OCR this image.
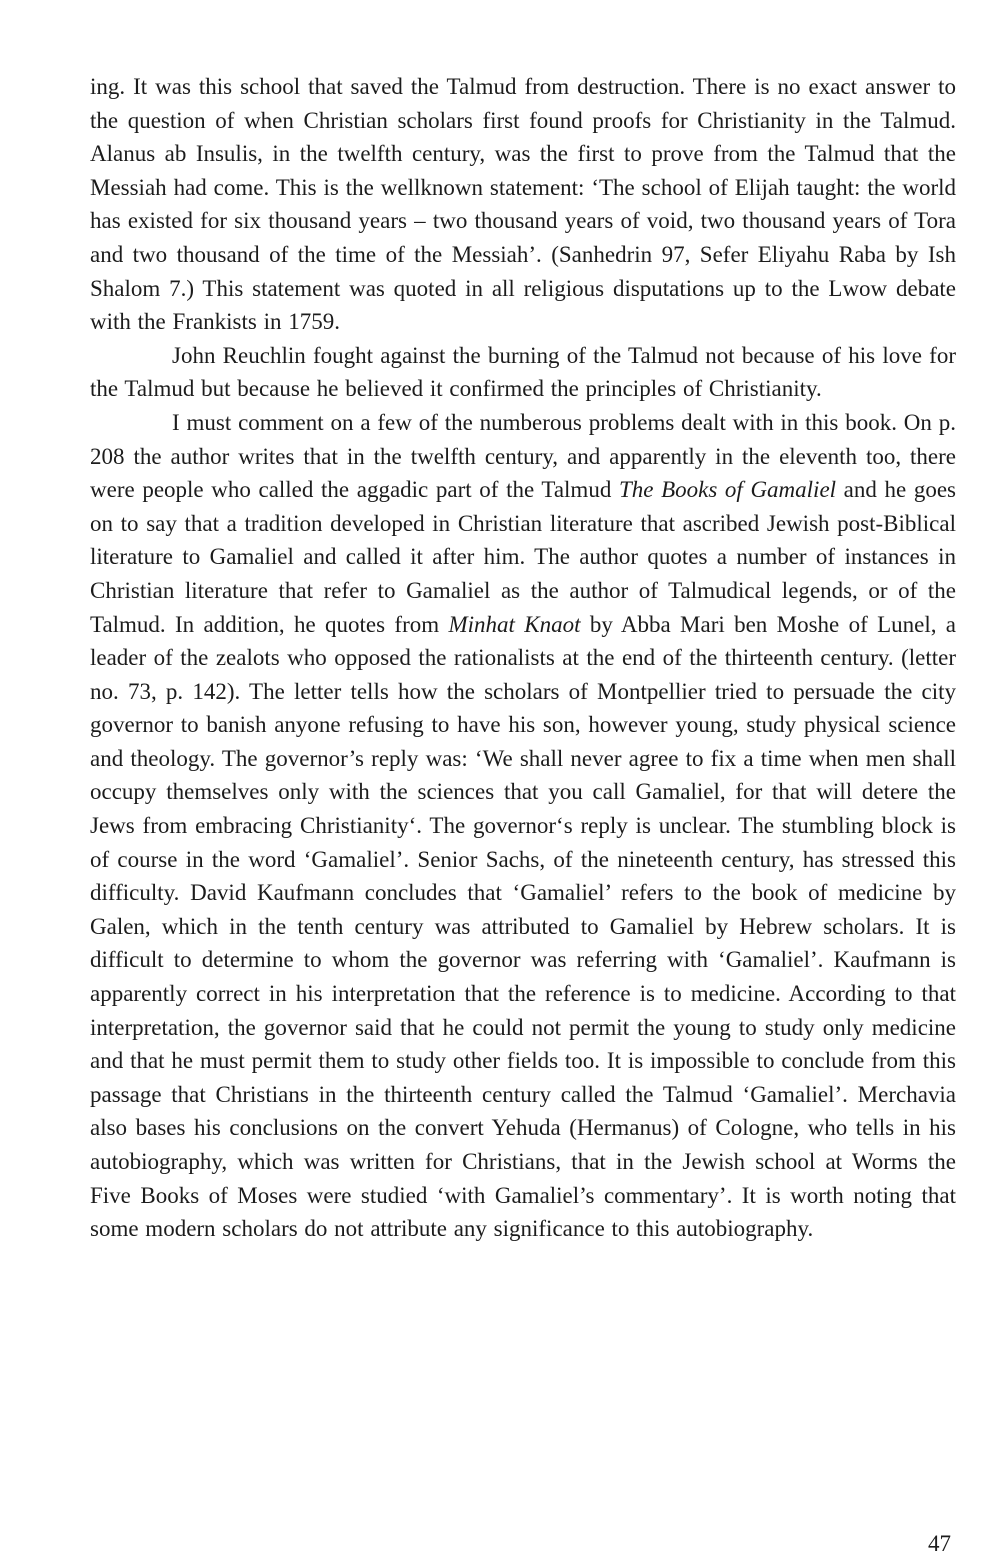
ing. It was this school that saved the Talmud from destruction. There is no exact answer to the question of when Christian scholars first found proofs for Christianity in the Talmud. Alanus ab Insulis, in the twelfth century, was the first to prove from the Talmud that the Messiah had come. This is the wellknown statement: ‘The school of Elijah taught: the world has existed for six thousand years – two thousand years of void, two thousand years of Tora and two thousand of the time of the Messiah’. (Sanhedrin 97, Sefer Eliyahu Raba by Ish Shalom 7.) This statement was quoted in all religious disputations up to the Lwow debate with the Frankists in 1759.

John Reuchlin fought against the burning of the Talmud not because of his love for the Talmud but because he believed it confirmed the principles of Christianity.

I must comment on a few of the numberous problems dealt with in this book. On p. 208 the author writes that in the twelfth century, and apparently in the eleventh too, there were people who called the aggadic part of the Talmud The Books of Gamaliel and he goes on to say that a tradition developed in Christian literature that ascribed Jewish post-Biblical literature to Gamaliel and called it after him. The author quotes a number of instances in Christian literature that refer to Gamaliel as the author of Talmudical legends, or of the Talmud. In addition, he quotes from Minhat Knaot by Abba Mari ben Moshe of Lunel, a leader of the zealots who opposed the rationalists at the end of the thirteenth century. (letter no. 73, p. 142). The letter tells how the scholars of Montpellier tried to persuade the city governor to banish anyone refusing to have his son, however young, study physical science and theology. The governor’s reply was: ‘We shall never agree to fix a time when men shall occupy themselves only with the sciences that you call Gamaliel, for that will detere the Jews from embracing Christianity‘. The governor‘s reply is unclear. The stumbling block is of course in the word ‘Gamaliel’. Senior Sachs, of the nineteenth century, has stressed this difficulty. David Kaufmann concludes that ‘Gamaliel’ refers to the book of medicine by Galen, which in the tenth century was attributed to Gamaliel by Hebrew scholars. It is difficult to determine to whom the governor was referring with ‘Gamaliel’. Kaufmann is apparently correct in his interpretation that the reference is to medicine. According to that interpretation, the governor said that he could not permit the young to study only medicine and that he must permit them to study other fields too. It is impossible to conclude from this passage that Christians in the thirteenth century called the Talmud ‘Gamaliel’. Merchavia also bases his conclusions on the convert Yehuda (Hermanus) of Cologne, who tells in his autobiography, which was written for Christians, that in the Jewish school at Worms the Five Books of Moses were studied ‘with Gamaliel’s commentary’. It is worth noting that some modern scholars do not attribute any significance to this autobiography.

47
